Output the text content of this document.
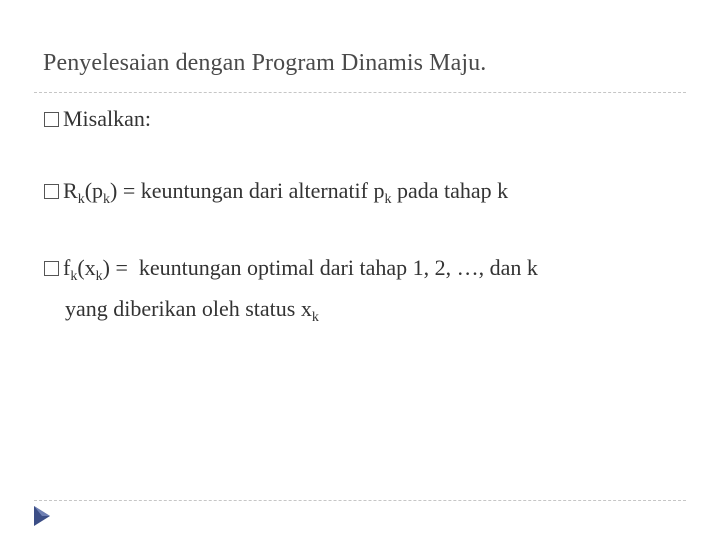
Penyelesaian dengan Program Dinamis Maju.
Misalkan:
$R_k(p_k)$ = keuntungan dari alternatif $p_k$ pada tahap k
$f_k(x_k)$ =  keuntungan optimal dari tahap 1, 2, …, dan k
yang diberikan oleh status $x_k$
